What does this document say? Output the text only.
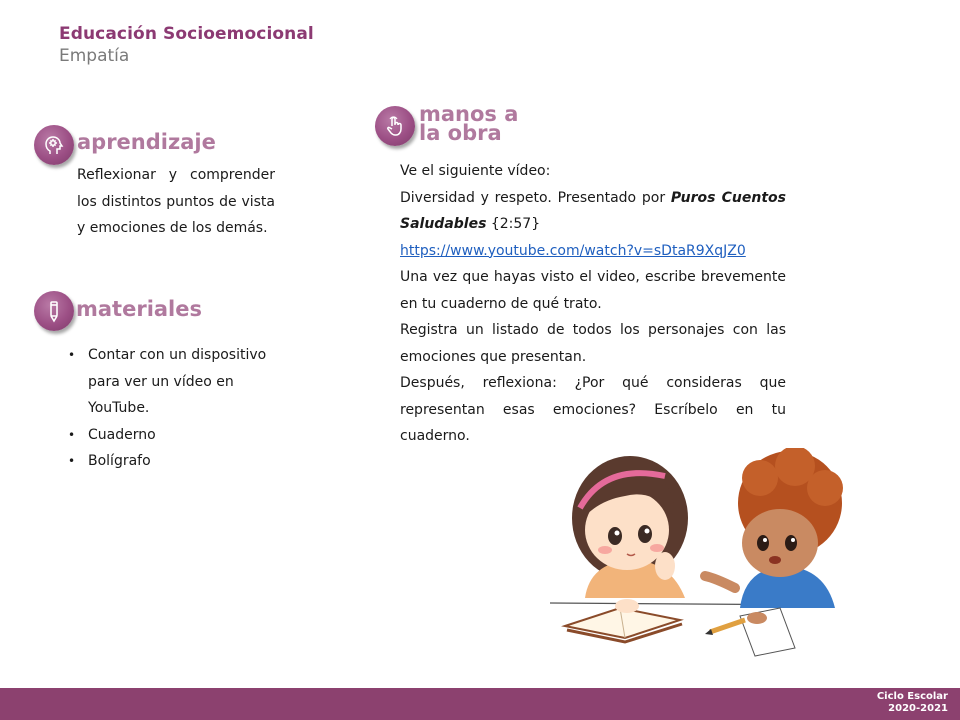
Educación Socioemocional
Empatía
aprendizaje
Reflexionar y comprender los distintos puntos de vista y emociones de los demás.
materiales
• Contar con un dispositivo para ver un vídeo en YouTube.
• Cuaderno
• Bolígrafo
manos a
la obra

Ve el siguiente vídeo:

Diversidad y respeto. Presentado por Puros Cuentos Saludables {2:57}

https://www.youtube.com/watch?v=sDtaR9XqJZ0

Una vez que hayas visto el video, escribe brevemente en tu cuaderno de qué trato.

Registra un listado de todos los personajes con las emociones que presentan.

Después, reflexiona: ¿Por qué consideras que representan esas emociones? Escríbelo en tu cuaderno.

Ciclo Escolar
2020-2021
